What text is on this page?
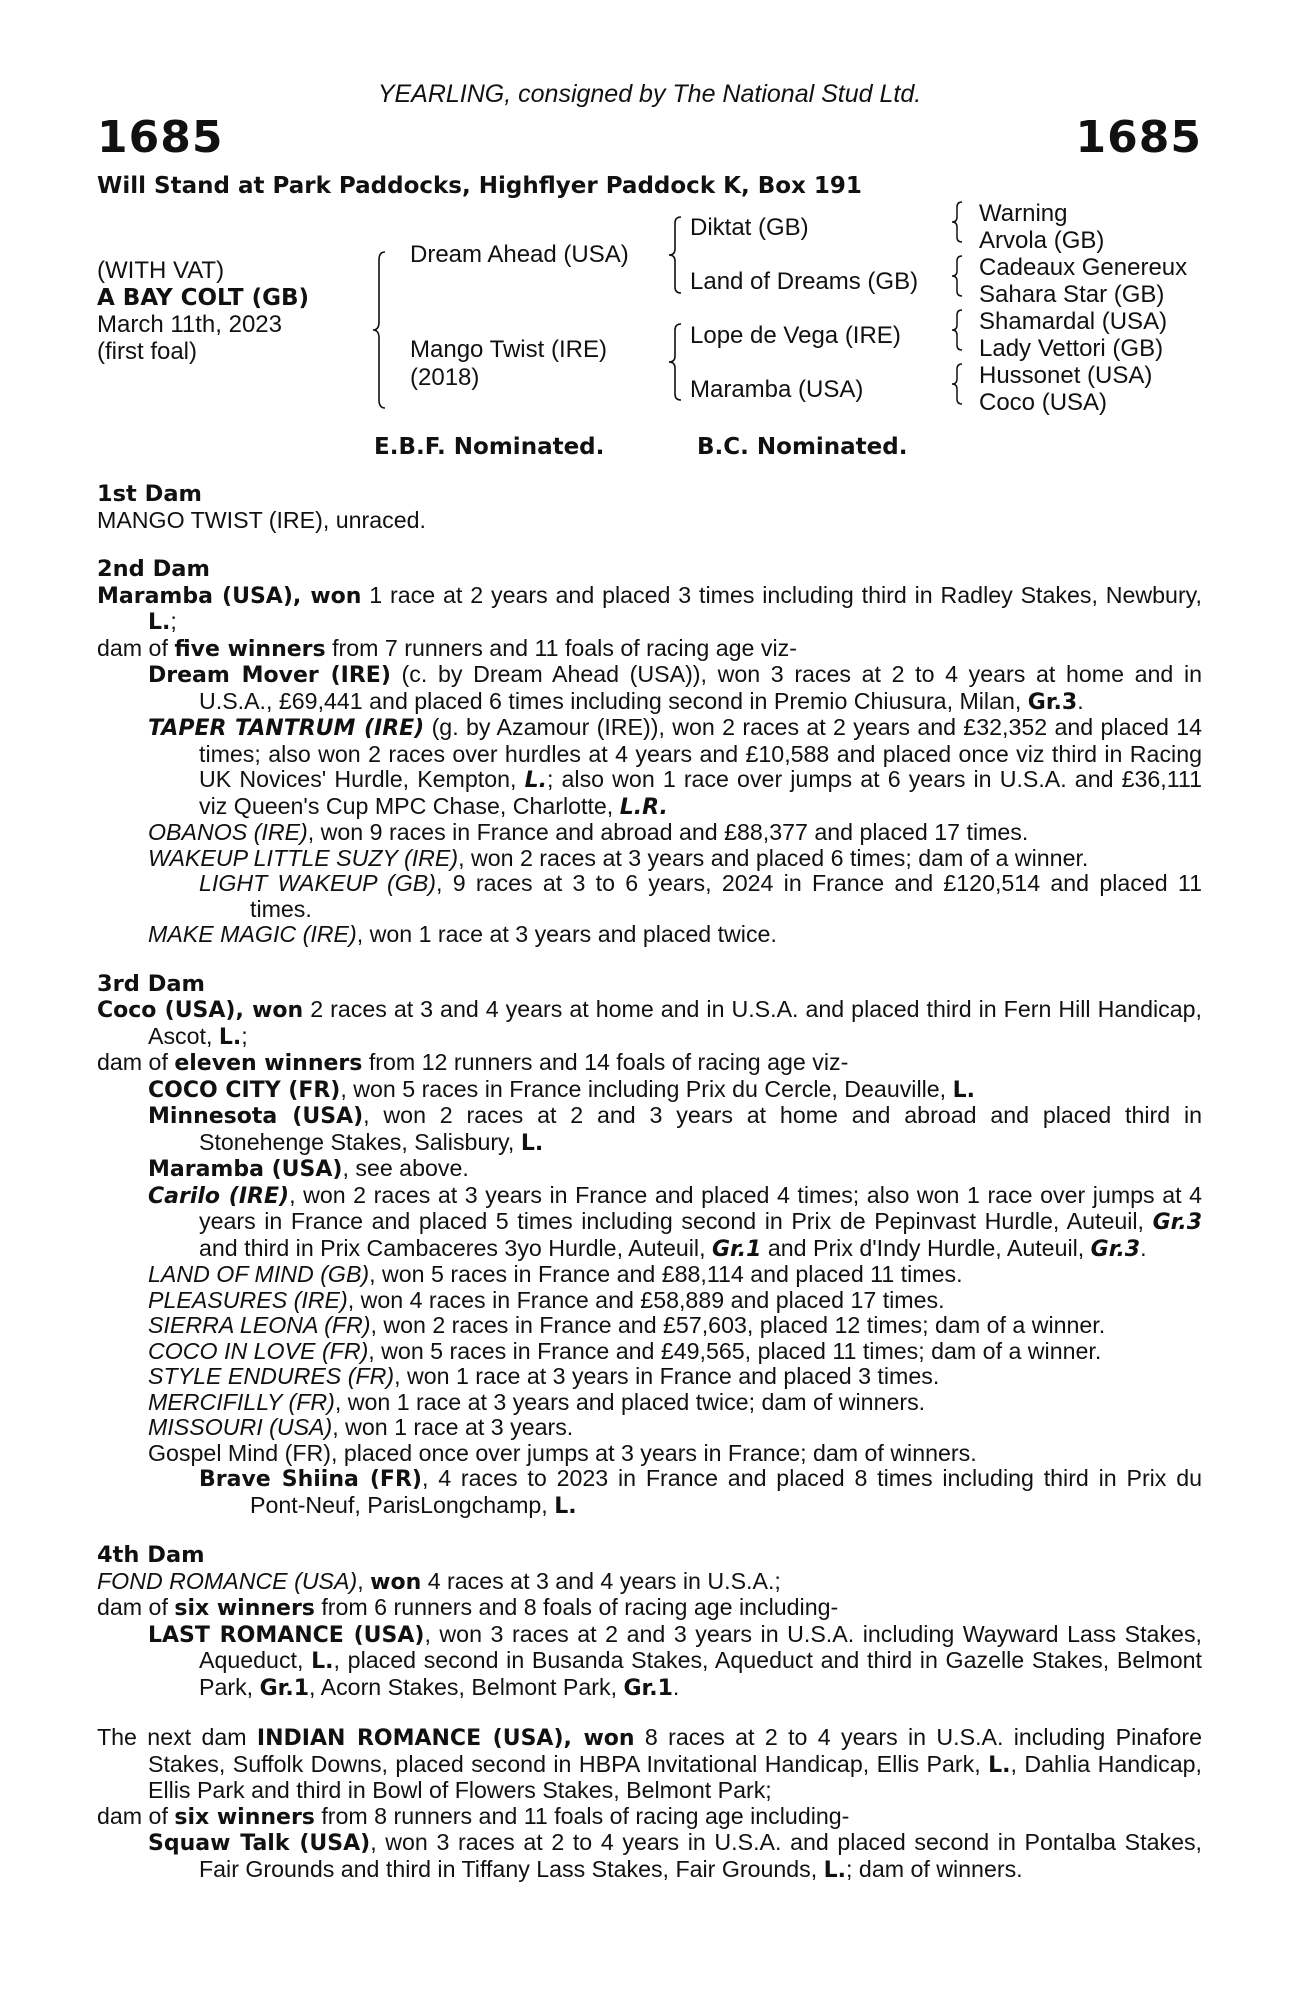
YEARLING, consigned by The National Stud Ltd.
1685	1685
Will Stand at Park Paddocks, Highflyer Paddock K, Box 191
(WITH VAT)
A BAY COLT (GB)
March 11th, 2023
(first foal)
Dream Ahead (USA)
Mango Twist (IRE)
(2018)
Diktat (GB)
Land of Dreams (GB)
Lope de Vega (IRE)
Maramba (USA)
Warning
Arvola (GB)
Cadeaux Genereux
Sahara Star (GB)
Shamardal (USA)
Lady Vettori (GB)
Hussonet (USA)
Coco (USA)
E.B.F. Nominated.	B.C. Nominated.

1st Dam

MANGO TWIST (IRE), unraced.

2nd Dam

Maramba (USA), won 1 race at 2 years and placed 3 times including third in Radley Stakes, Newbury, L.;

dam of five winners from 7 runners and 11 foals of racing age viz-

Dream Mover (IRE) (c. by Dream Ahead (USA)), won 3 races at 2 to 4 years at home and in U.S.A., £69,441 and placed 6 times including second in Premio Chiusura, Milan, Gr.3.

TAPER TANTRUM (IRE) (g. by Azamour (IRE)), won 2 races at 2 years and £32,352 and placed 14 times; also won 2 races over hurdles at 4 years and £10,588 and placed once viz third in Racing UK Novices' Hurdle, Kempton, L.; also won 1 race over jumps at 6 years in U.S.A. and £36,111 viz Queen's Cup MPC Chase, Charlotte, L.R.

OBANOS (IRE), won 9 races in France and abroad and £88,377 and placed 17 times.

WAKEUP LITTLE SUZY (IRE), won 2 races at 3 years and placed 6 times; dam of a winner.

LIGHT WAKEUP (GB), 9 races at 3 to 6 years, 2024 in France and £120,514 and placed 11 times.

MAKE MAGIC (IRE), won 1 race at 3 years and placed twice.

3rd Dam

Coco (USA), won 2 races at 3 and 4 years at home and in U.S.A. and placed third in Fern Hill Handicap, Ascot, L.;

dam of eleven winners from 12 runners and 14 foals of racing age viz-

COCO CITY (FR), won 5 races in France including Prix du Cercle, Deauville, L.

Minnesota (USA), won 2 races at 2 and 3 years at home and abroad and placed third in Stonehenge Stakes, Salisbury, L.

Maramba (USA), see above.

Carilo (IRE), won 2 races at 3 years in France and placed 4 times; also won 1 race over jumps at 4 years in France and placed 5 times including second in Prix de Pepinvast Hurdle, Auteuil, Gr.3 and third in Prix Cambaceres 3yo Hurdle, Auteuil, Gr.1 and Prix d'Indy Hurdle, Auteuil, Gr.3.

LAND OF MIND (GB), won 5 races in France and £88,114 and placed 11 times.

PLEASURES (IRE), won 4 races in France and £58,889 and placed 17 times.

SIERRA LEONA (FR), won 2 races in France and £57,603, placed 12 times; dam of a winner.

COCO IN LOVE (FR), won 5 races in France and £49,565, placed 11 times; dam of a winner.

STYLE ENDURES (FR), won 1 race at 3 years in France and placed 3 times.

MERCIFILLY (FR), won 1 race at 3 years and placed twice; dam of winners.

MISSOURI (USA), won 1 race at 3 years.

Gospel Mind (FR), placed once over jumps at 3 years in France; dam of winners.

Brave Shiina (FR), 4 races to 2023 in France and placed 8 times including third in Prix du Pont-Neuf, ParisLongchamp, L.

4th Dam

FOND ROMANCE (USA), won 4 races at 3 and 4 years in U.S.A.;

dam of six winners from 6 runners and 8 foals of racing age including-

LAST ROMANCE (USA), won 3 races at 2 and 3 years in U.S.A. including Wayward Lass Stakes, Aqueduct, L., placed second in Busanda Stakes, Aqueduct and third in Gazelle Stakes, Belmont Park, Gr.1, Acorn Stakes, Belmont Park, Gr.1.

The next dam INDIAN ROMANCE (USA), won 8 races at 2 to 4 years in U.S.A. including Pinafore Stakes, Suffolk Downs, placed second in HBPA Invitational Handicap, Ellis Park, L., Dahlia Handicap, Ellis Park and third in Bowl of Flowers Stakes, Belmont Park;

dam of six winners from 8 runners and 11 foals of racing age including-

Squaw Talk (USA), won 3 races at 2 to 4 years in U.S.A. and placed second in Pontalba Stakes, Fair Grounds and third in Tiffany Lass Stakes, Fair Grounds, L.; dam of winners.
